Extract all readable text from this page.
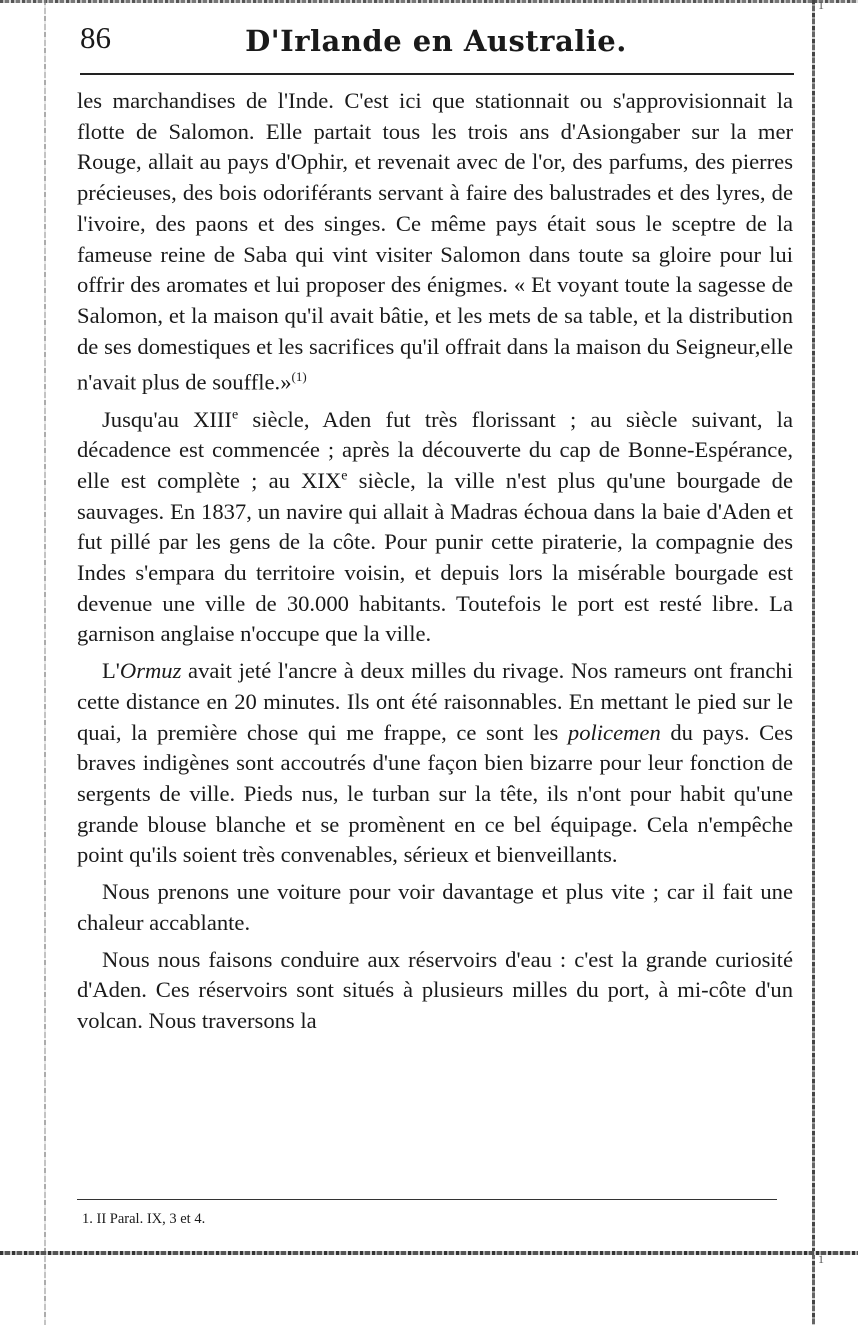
1
1
86	D'Irlande en Australie.

les marchandises de l'Inde. C'est ici que stationnait ou s'approvisionnait la flotte de Salomon. Elle partait tous les trois ans d'Asiongaber sur la mer Rouge, allait au pays d'Ophir, et revenait avec de l'or, des parfums, des pierres précieuses, des bois odoriférants servant à faire des balustrades et des lyres, de l'ivoire, des paons et des singes. Ce même pays était sous le sceptre de la fameuse reine de Saba qui vint visiter Salomon dans toute sa gloire pour lui offrir des aromates et lui proposer des énigmes. « Et voyant toute la sagesse de Salomon, et la maison qu'il avait bâtie, et les mets de sa table, et la distribution de ses domestiques et les sacrifices qu'il offrait dans la maison du Seigneur,elle n'avait plus de souffle.»$^{(1)}$

Jusqu'au XIIIe siècle, Aden fut très florissant ; au siècle suivant, la décadence est commencée ; après la découverte du cap de Bonne-Espérance, elle est complète ; au XIXe siècle, la ville n'est plus qu'une bourgade de sauvages. En 1837, un navire qui allait à Madras échoua dans la baie d'Aden et fut pillé par les gens de la côte. Pour punir cette piraterie, la compagnie des Indes s'empara du territoire voisin, et depuis lors la misérable bourgade est devenue une ville de 30.000 habitants. Toutefois le port est resté libre. La garnison anglaise n'occupe que la ville.

L'Ormuz avait jeté l'ancre à deux milles du rivage. Nos rameurs ont franchi cette distance en 20 minutes. Ils ont été raisonnables. En mettant le pied sur le quai, la première chose qui me frappe, ce sont les policemen du pays. Ces braves indigènes sont accoutrés d'une façon bien bizarre pour leur fonction de sergents de ville. Pieds nus, le turban sur la tête, ils n'ont pour habit qu'une grande blouse blanche et se promènent en ce bel équipage. Cela n'empêche point qu'ils soient très convenables, sérieux et bienveillants.

Nous prenons une voiture pour voir davantage et plus vite ; car il fait une chaleur accablante.

Nous nous faisons conduire aux réservoirs d'eau : c'est la grande curiosité d'Aden. Ces réservoirs sont situés à plusieurs milles du port, à mi-côte d'un volcan. Nous traversons la

1. II Paral. IX, 3 et 4.
